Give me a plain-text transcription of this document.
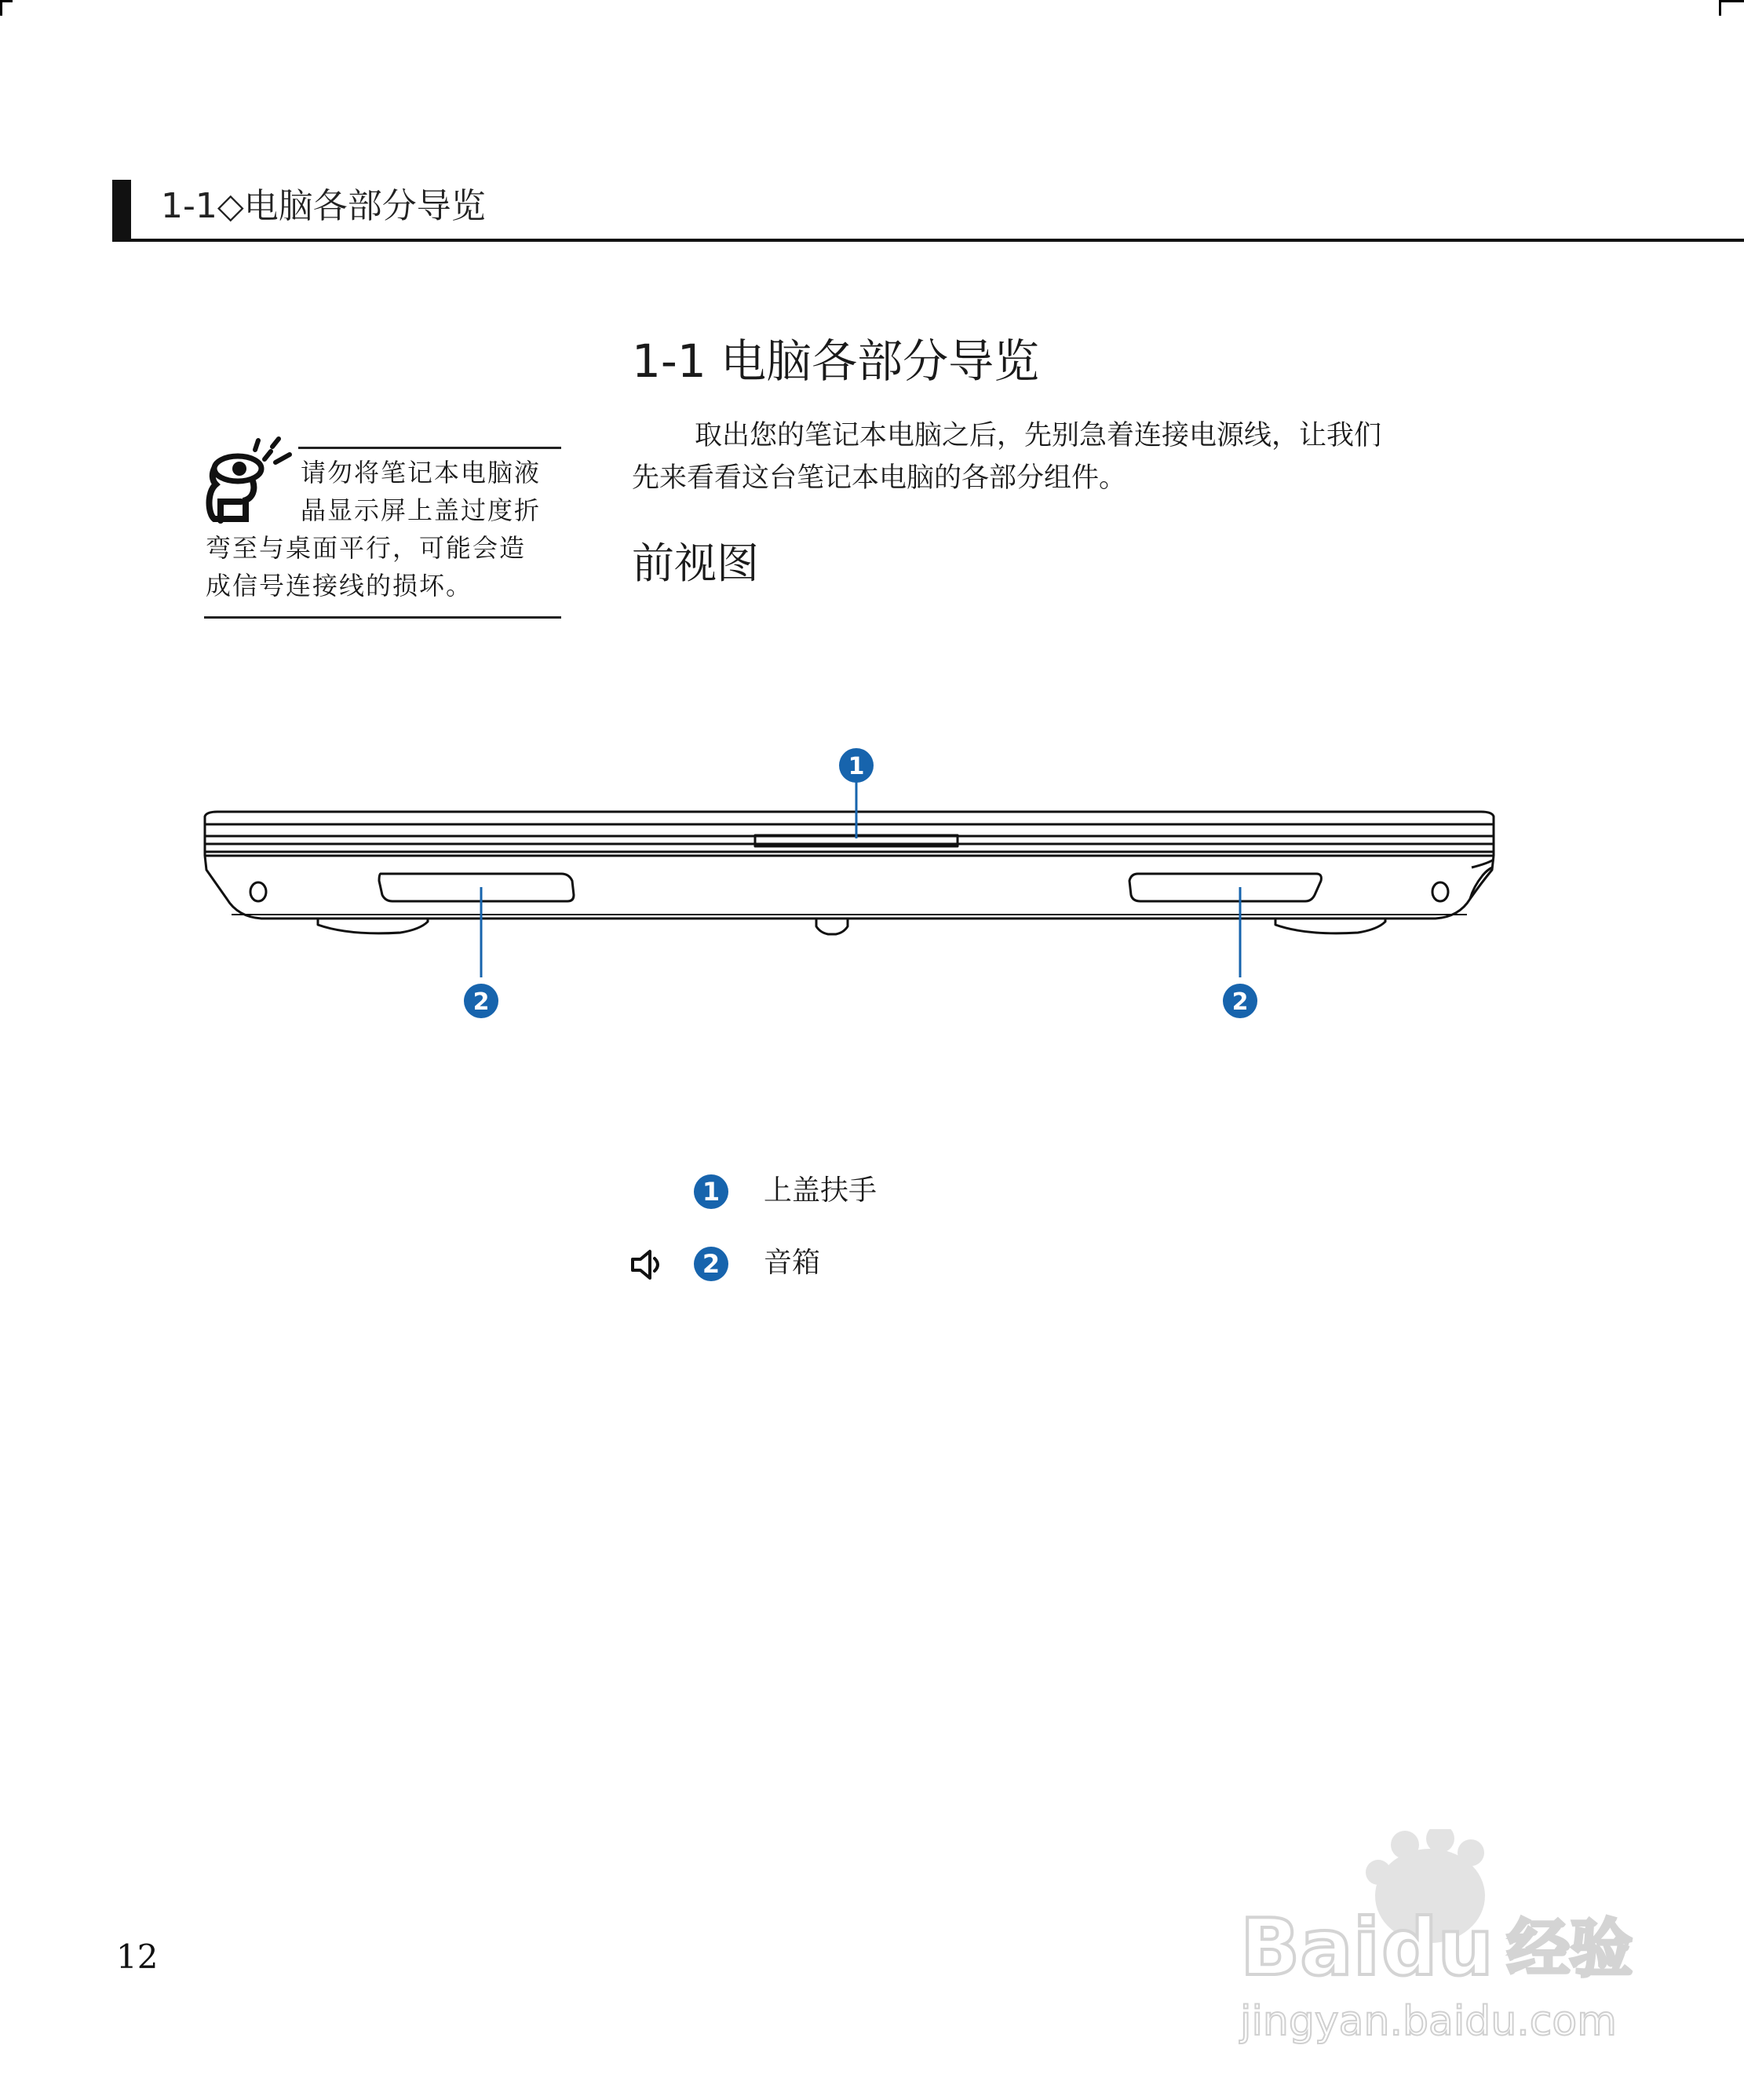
1-1◇电脑各部分导览
1-1 电脑各部分导览
取出您的笔记本电脑之后，先别急着连接电源线，让我们
先来看看这台笔记本电脑的各部分组件。
前视图
请勿将笔记本电脑液
晶显示屏上盖过度折
弯至与桌面平行，可能会造
成信号连接线的损坏。
1
2	2
1	上盖扶手
2	音箱
12	Bai du 经验
jingyan.baidu.com
